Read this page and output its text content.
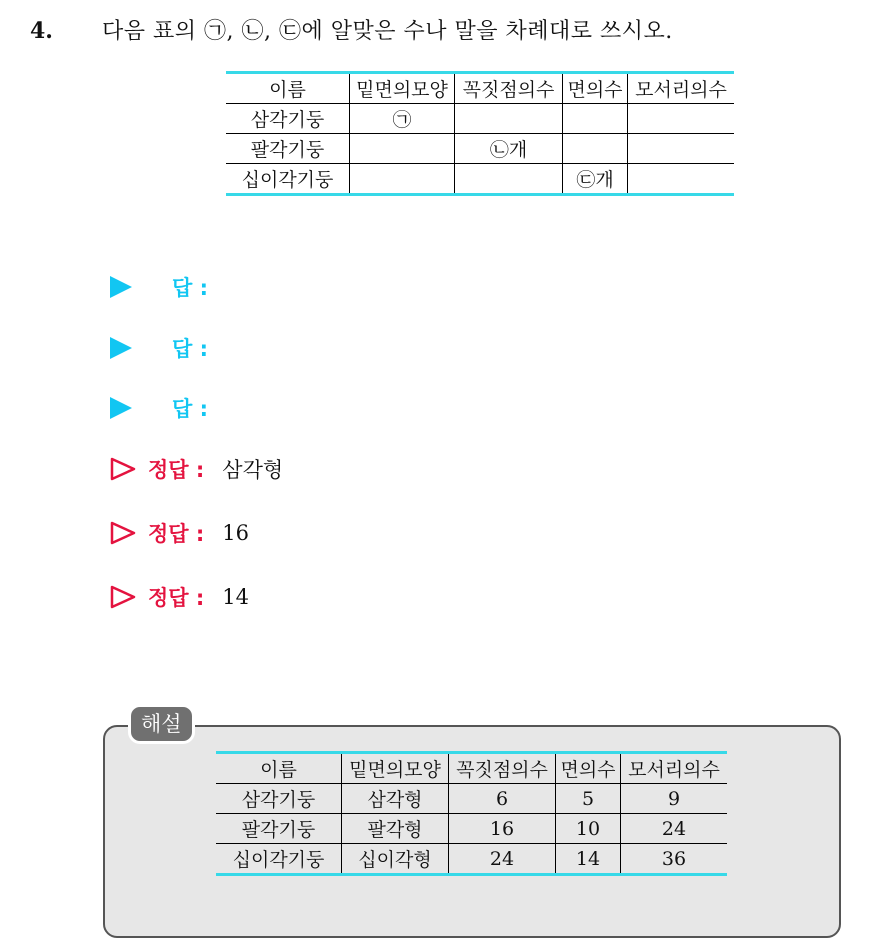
4.	다음 표의 ㉠, ㉡, ㉢에 알맞은 수나 말을 차례대로 쓰시오.
이름	밑면의모양	꼭짓점의수	면의수	모서리의수
삼각기둥	㉠			
팔각기둥		㉡개		
십이각기둥			㉢개	
답 :
답 :
답 :
정답 : 삼각형
정답 : 16
정답 : 14
해설
이름	밑면의모양	꼭짓점의수	면의수	모서리의수
삼각기둥	삼각형	6	5	9
팔각기둥	팔각형	16	10	24
십이각기둥	십이각형	24	14	36
